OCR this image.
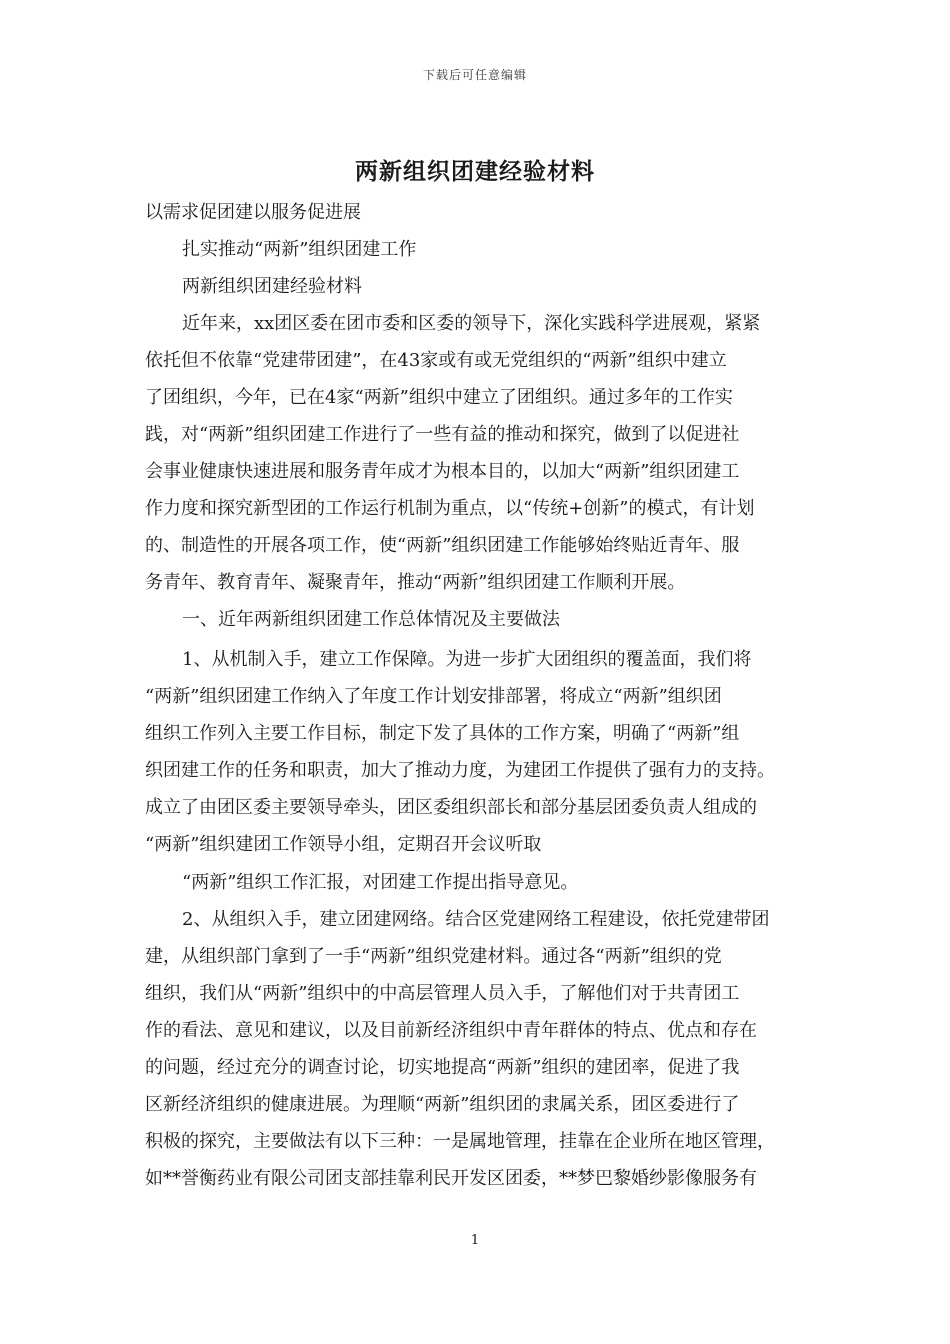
下载后可任意编辑
两新组织团建经验材料
以需求促团建以服务促进展
扎实推动“两新”组织团建工作
两新组织团建经验材料
近年来，xx团区委在团市委和区委的领导下，深化实践科学进展观，紧紧
依托但不依靠“党建带团建”，在43家或有或无党组织的“两新”组织中建立
了团组织，今年，已在4家“两新”组织中建立了团组织。通过多年的工作实
践，对“两新”组织团建工作进行了一些有益的推动和探究，做到了以促进社
会事业健康快速进展和服务青年成才为根本目的，以加大“两新”组织团建工
作力度和探究新型团的工作运行机制为重点，以“传统+创新”的模式，有计划
的、制造性的开展各项工作，使“两新”组织团建工作能够始终贴近青年、服
务青年、教育青年、凝聚青年，推动“两新”组织团建工作顺利开展。
一、近年两新组织团建工作总体情况及主要做法
1、从机制入手，建立工作保障。为进一步扩大团组织的覆盖面，我们将
“两新”组织团建工作纳入了年度工作计划安排部署，将成立“两新”组织团
组织工作列入主要工作目标，制定下发了具体的工作方案，明确了“两新”组
织团建工作的任务和职责，加大了推动力度，为建团工作提供了强有力的支持。
成立了由团区委主要领导牵头，团区委组织部长和部分基层团委负责人组成的
“两新”组织建团工作领导小组，定期召开会议听取
“两新”组织工作汇报，对团建工作提出指导意见。
2、从组织入手，建立团建网络。结合区党建网络工程建设，依托党建带团
建，从组织部门拿到了一手“两新”组织党建材料。通过各“两新”组织的党
组织，我们从“两新”组织中的中高层管理人员入手，了解他们对于共青团工
作的看法、意见和建议，以及目前新经济组织中青年群体的特点、优点和存在
的问题，经过充分的调查讨论，切实地提高“两新”组织的建团率，促进了我
区新经济组织的健康进展。为理顺“两新”组织团的隶属关系，团区委进行了
积极的探究，主要做法有以下三种：一是属地管理，挂靠在企业所在地区管理，
如**誉衡药业有限公司团支部挂靠利民开发区团委，**梦巴黎婚纱影像服务有
1
